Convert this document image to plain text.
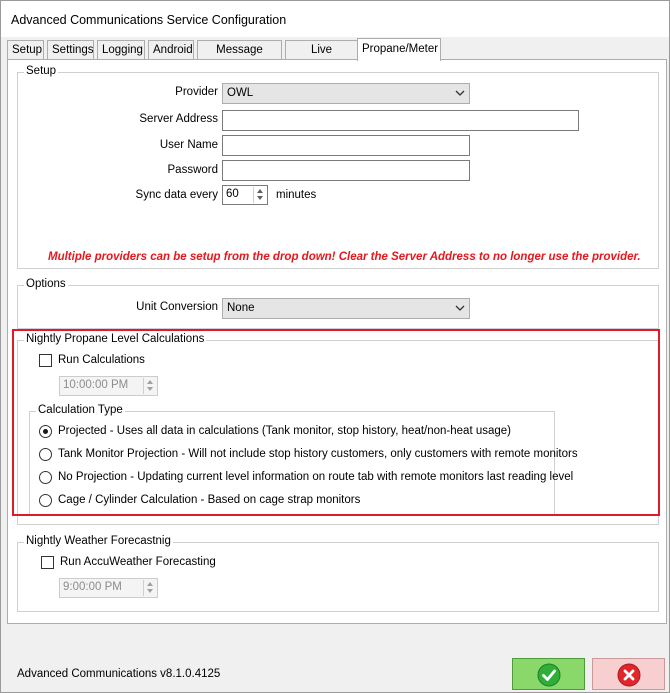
Advanced Communications Service Configuration
Setup Settings Logging Android	Message	Live	Propane/Meter
Setup
Provider OWL
Server Address
User Name
Password
Sync data every 60	minutes
Multiple providers can be setup from the drop down! Clear the Server Address to no longer use the provider.
Options
Unit Conversion None
Nightly Propane Level Calculations
Run Calculations
10:00:00 PM
Calculation Type
Projected - Uses all data in calculations (Tank monitor, stop history, heat/non-heat usage)
Tank Monitor Projection - Will not include stop history customers, only customers with remote monitors
No Projection - Updating current level information on route tab with remote monitors last reading level
Cage / Cylinder Calculation - Based on cage strap monitors
Nightly Weather Forecastnig
Run AccuWeather Forecasting
9:00:00 PM
Advanced Communications v8.1.0.4125
